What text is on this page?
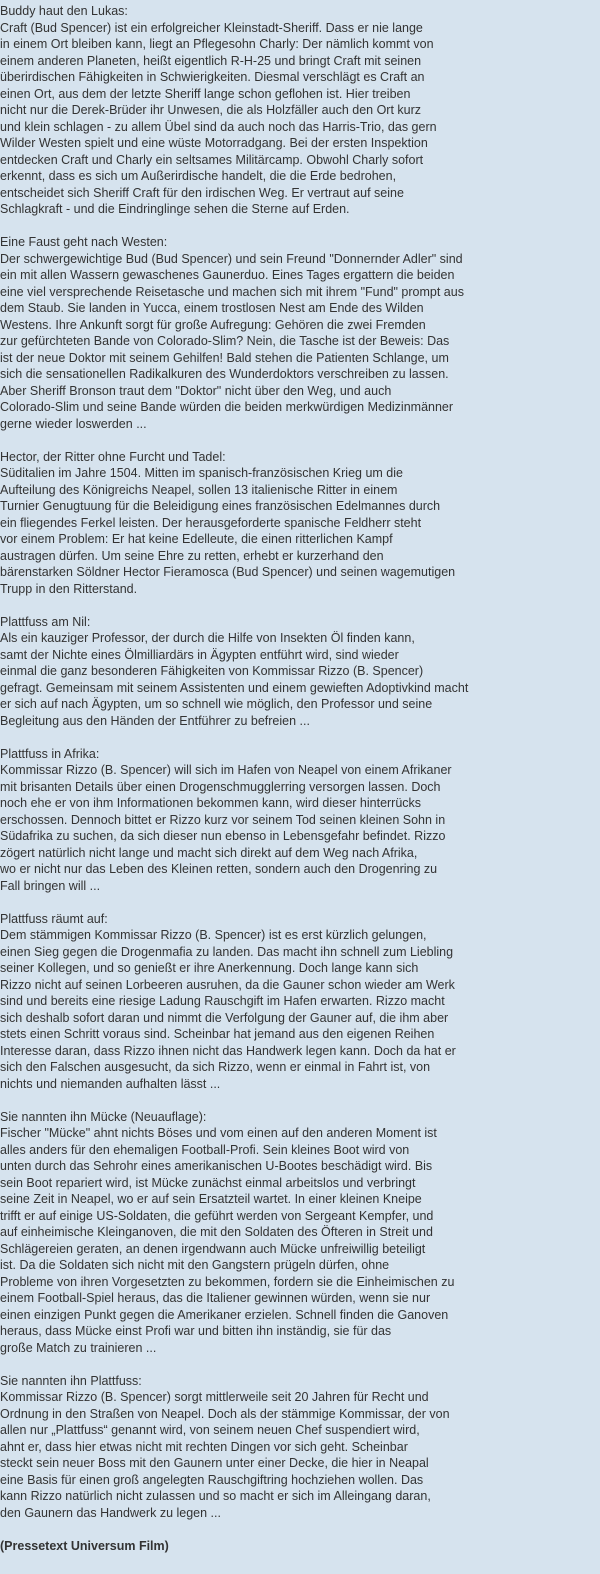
Buddy haut den Lukas:
Craft (Bud Spencer) ist ein erfolgreicher Kleinstadt-Sheriff. Dass er nie lange
in einem Ort bleiben kann, liegt an Pflegesohn Charly: Der nämlich kommt von
einem anderen Planeten, heißt eigentlich R-H-25 und bringt Craft mit seinen
überirdischen Fähigkeiten in Schwierigkeiten. Diesmal verschlägt es Craft an
einen Ort, aus dem der letzte Sheriff lange schon geflohen ist. Hier treiben
nicht nur die Derek-Brüder ihr Unwesen, die als Holzfäller auch den Ort kurz
und klein schlagen - zu allem Übel sind da auch noch das Harris-Trio, das gern
Wilder Westen spielt und eine wüste Motorradgang. Bei der ersten Inspektion
entdecken Craft und Charly ein seltsames Militärcamp. Obwohl Charly sofort
erkennt, dass es sich um Außerirdische handelt, die die Erde bedrohen,
entscheidet sich Sheriff Craft für den irdischen Weg. Er vertraut auf seine
Schlagkraft - und die Eindringlinge sehen die Sterne auf Erden.
Eine Faust geht nach Westen:
Der schwergewichtige Bud (Bud Spencer) und sein Freund "Donnernder Adler" sind
ein mit allen Wassern gewaschenes Gaunerduo. Eines Tages ergattern die beiden
eine viel versprechende Reisetasche und machen sich mit ihrem "Fund" prompt aus
dem Staub. Sie landen in Yucca, einem trostlosen Nest am Ende des Wilden
Westens. Ihre Ankunft sorgt für große Aufregung: Gehören die zwei Fremden
zur gefürchteten Bande von Colorado-Slim? Nein, die Tasche ist der Beweis: Das
ist der neue Doktor mit seinem Gehilfen! Bald stehen die Patienten Schlange, um
sich die sensationellen Radikalkuren des Wunderdoktors verschreiben zu lassen.
Aber Sheriff Bronson traut dem "Doktor" nicht über den Weg, und auch
Colorado-Slim und seine Bande würden die beiden merkwürdigen Medizinmänner
gerne wieder loswerden ...
Hector, der Ritter ohne Furcht und Tadel:
Süditalien im Jahre 1504. Mitten im spanisch-französischen Krieg um die
Aufteilung des Königreichs Neapel, sollen 13 italienische Ritter in einem
Turnier Genugtuung für die Beleidigung eines französischen Edelmannes durch
ein fliegendes Ferkel leisten. Der herausgeforderte spanische Feldherr steht
vor einem Problem: Er hat keine Edelleute, die einen ritterlichen Kampf
austragen dürfen. Um seine Ehre zu retten, erhebt er kurzerhand den
bärenstarken Söldner Hector Fieramosca (Bud Spencer) und seinen wagemutigen
Trupp in den Ritterstand.
Plattfuss am Nil:
Als ein kauziger Professor, der durch die Hilfe von Insekten Öl finden kann,
samt der Nichte eines Ölmilliardärs in Ägypten entführt wird, sind wieder
einmal die ganz besonderen Fähigkeiten von Kommissar Rizzo (B. Spencer)
gefragt. Gemeinsam mit seinem Assistenten und einem gewieften Adoptivkind macht
er sich auf nach Ägypten, um so schnell wie möglich, den Professor und seine
Begleitung aus den Händen der Entführer zu befreien ...
Plattfuss in Afrika:
Kommissar Rizzo (B. Spencer) will sich im Hafen von Neapel von einem Afrikaner
mit brisanten Details über einen Drogenschmugglerring versorgen lassen. Doch
noch ehe er von ihm Informationen bekommen kann, wird dieser hinterrücks
erschossen. Dennoch bittet er Rizzo kurz vor seinem Tod seinen kleinen Sohn in
Südafrika zu suchen, da sich dieser nun ebenso in Lebensgefahr befindet. Rizzo
zögert natürlich nicht lange und macht sich direkt auf dem Weg nach Afrika,
wo er nicht nur das Leben des Kleinen retten, sondern auch den Drogenring zu
Fall bringen will ...
Plattfuss räumt auf:
Dem stämmigen Kommissar Rizzo (B. Spencer) ist es erst kürzlich gelungen,
einen Sieg gegen die Drogenmafia zu landen. Das macht ihn schnell zum Liebling
seiner Kollegen, und so genießt er ihre Anerkennung. Doch lange kann sich
Rizzo nicht auf seinen Lorbeeren ausruhen, da die Gauner schon wieder am Werk
sind und bereits eine riesige Ladung Rauschgift im Hafen erwarten. Rizzo macht
sich deshalb sofort daran und nimmt die Verfolgung der Gauner auf, die ihm aber
stets einen Schritt voraus sind. Scheinbar hat jemand aus den eigenen Reihen
Interesse daran, dass Rizzo ihnen nicht das Handwerk legen kann. Doch da hat er
sich den Falschen ausgesucht, da sich Rizzo, wenn er einmal in Fahrt ist, von
nichts und niemanden aufhalten lässt ...
Sie nannten ihn Mücke (Neuauflage):
Fischer "Mücke" ahnt nichts Böses und vom einen auf den anderen Moment ist
alles anders für den ehemaligen Football-Profi. Sein kleines Boot wird von
unten durch das Sehrohr eines amerikanischen U-Bootes beschädigt wird. Bis
sein Boot repariert wird, ist Mücke zunächst einmal arbeitslos und verbringt
seine Zeit in Neapel, wo er auf sein Ersatzteil wartet. In einer kleinen Kneipe
trifft er auf einige US-Soldaten, die geführt werden von Sergeant Kempfer, und
auf einheimische Kleinganoven, die mit den Soldaten des Öfteren in Streit und
Schlägereien geraten, an denen irgendwann auch Mücke unfreiwillig beteiligt
ist. Da die Soldaten sich nicht mit den Gangstern prügeln dürfen, ohne
Probleme von ihren Vorgesetzten zu bekommen, fordern sie die Einheimischen zu
einem Football-Spiel heraus, das die Italiener gewinnen würden, wenn sie nur
einen einzigen Punkt gegen die Amerikaner erzielen. Schnell finden die Ganoven
heraus, dass Mücke einst Profi war und bitten ihn inständig, sie für das
große Match zu trainieren ...
Sie nannten ihn Plattfuss:
Kommissar Rizzo (B. Spencer) sorgt mittlerweile seit 20 Jahren für Recht und
Ordnung in den Straßen von Neapel. Doch als der stämmige Kommissar, der von
allen nur „Plattfuss“ genannt wird, von seinem neuen Chef suspendiert wird,
ahnt er, dass hier etwas nicht mit rechten Dingen vor sich geht. Scheinbar
steckt sein neuer Boss mit den Gaunern unter einer Decke, die hier in Neapal
eine Basis für einen groß angelegten Rauschgiftring hochziehen wollen. Das
kann Rizzo natürlich nicht zulassen und so macht er sich im Alleingang daran,
den Gaunern das Handwerk zu legen ...
(Pressetext Universum Film)
